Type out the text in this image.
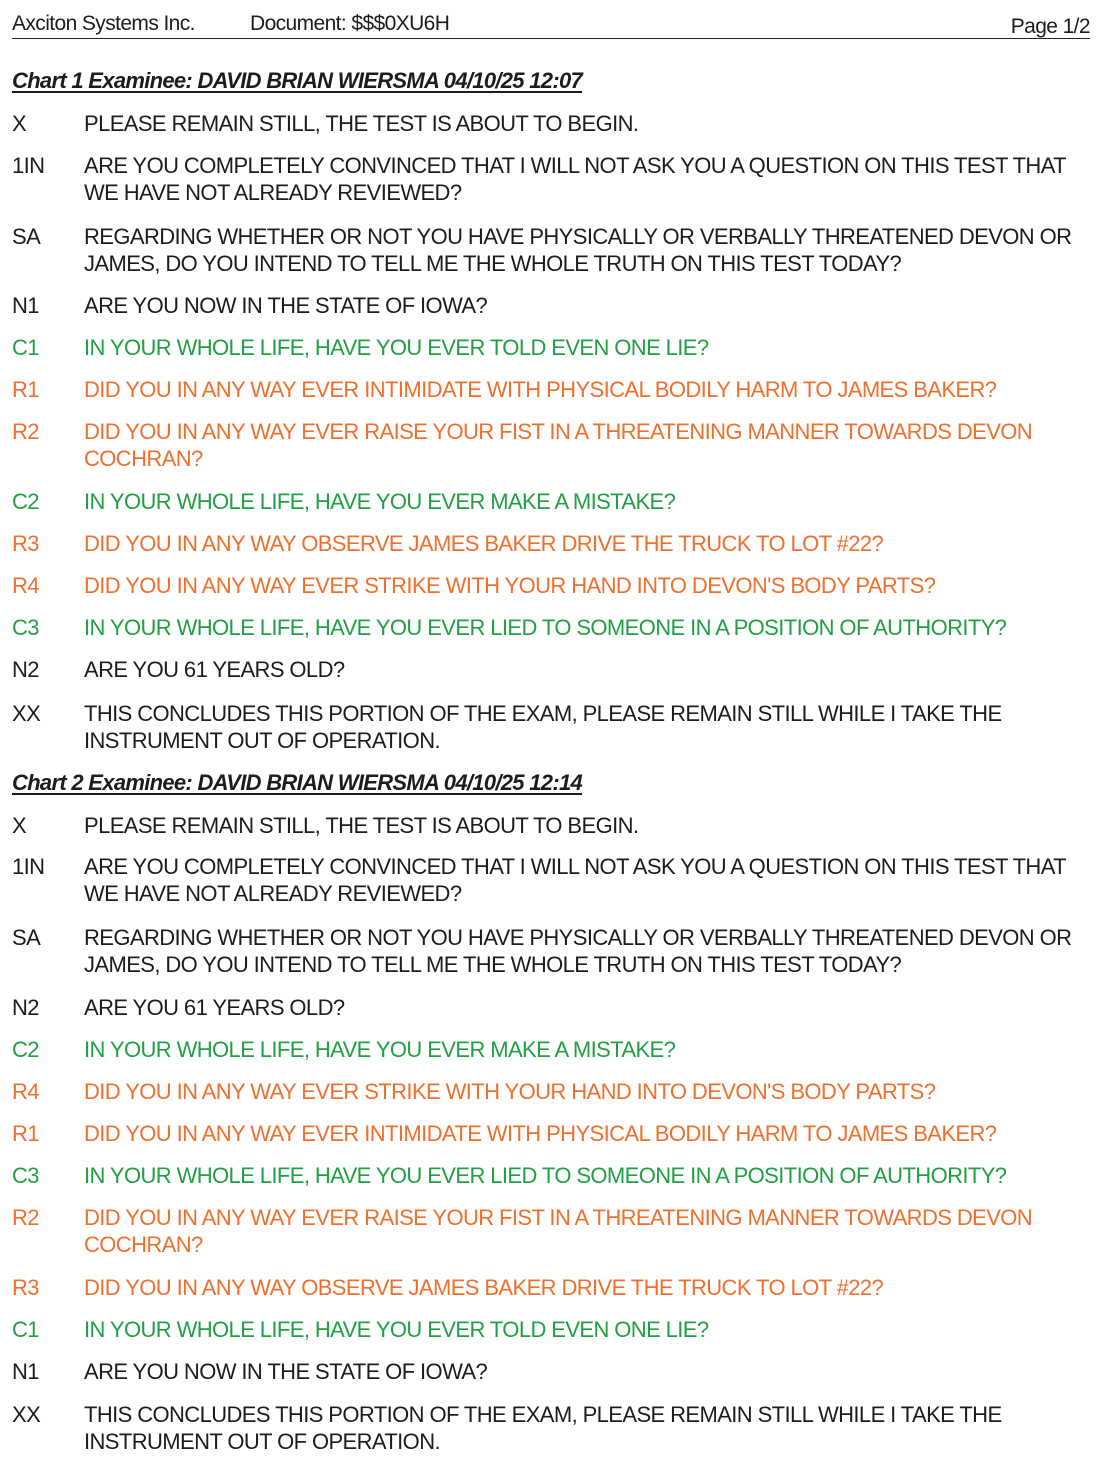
Axciton Systems Inc.	Document: $$$0XU6H	Page 1/2
Chart 1 Examinee: DAVID BRIAN WIERSMA 04/10/25 12:07
X	PLEASE REMAIN STILL, THE TEST IS ABOUT TO BEGIN.
1IN	ARE YOU COMPLETELY CONVINCED THAT I WILL NOT ASK YOU A QUESTION ON THIS TEST THAT WE HAVE NOT ALREADY REVIEWED?
SA	REGARDING WHETHER OR NOT YOU HAVE PHYSICALLY OR VERBALLY THREATENED DEVON OR JAMES, DO YOU INTEND TO TELL ME THE WHOLE TRUTH ON THIS TEST TODAY?
N1	ARE YOU NOW IN THE STATE OF IOWA?
C1	IN YOUR WHOLE LIFE, HAVE YOU EVER TOLD EVEN ONE LIE?
R1	DID YOU IN ANY WAY EVER INTIMIDATE WITH PHYSICAL BODILY HARM TO JAMES BAKER?
R2	DID YOU IN ANY WAY EVER RAISE YOUR FIST IN A THREATENING MANNER TOWARDS DEVON COCHRAN?
C2	IN YOUR WHOLE LIFE, HAVE YOU EVER MAKE A MISTAKE?
R3	DID YOU IN ANY WAY OBSERVE JAMES BAKER DRIVE THE TRUCK TO LOT #22?
R4	DID YOU IN ANY WAY EVER STRIKE WITH YOUR HAND INTO DEVON'S BODY PARTS?
C3	IN YOUR WHOLE LIFE, HAVE YOU EVER LIED TO SOMEONE IN A POSITION OF AUTHORITY?
N2	ARE YOU 61 YEARS OLD?
XX	THIS CONCLUDES THIS PORTION OF THE EXAM, PLEASE REMAIN STILL WHILE I TAKE THE INSTRUMENT OUT OF OPERATION.
Chart 2 Examinee: DAVID BRIAN WIERSMA 04/10/25 12:14
X	PLEASE REMAIN STILL, THE TEST IS ABOUT TO BEGIN.
1IN	ARE YOU COMPLETELY CONVINCED THAT I WILL NOT ASK YOU A QUESTION ON THIS TEST THAT WE HAVE NOT ALREADY REVIEWED?
SA	REGARDING WHETHER OR NOT YOU HAVE PHYSICALLY OR VERBALLY THREATENED DEVON OR JAMES, DO YOU INTEND TO TELL ME THE WHOLE TRUTH ON THIS TEST TODAY?
N2	ARE YOU 61 YEARS OLD?
C2	IN YOUR WHOLE LIFE, HAVE YOU EVER MAKE A MISTAKE?
R4	DID YOU IN ANY WAY EVER STRIKE WITH YOUR HAND INTO DEVON'S BODY PARTS?
R1	DID YOU IN ANY WAY EVER INTIMIDATE WITH PHYSICAL BODILY HARM TO JAMES BAKER?
C3	IN YOUR WHOLE LIFE, HAVE YOU EVER LIED TO SOMEONE IN A POSITION OF AUTHORITY?
R2	DID YOU IN ANY WAY EVER RAISE YOUR FIST IN A THREATENING MANNER TOWARDS DEVON COCHRAN?
R3	DID YOU IN ANY WAY OBSERVE JAMES BAKER DRIVE THE TRUCK TO LOT #22?
C1	IN YOUR WHOLE LIFE, HAVE YOU EVER TOLD EVEN ONE LIE?
N1	ARE YOU NOW IN THE STATE OF IOWA?
XX	THIS CONCLUDES THIS PORTION OF THE EXAM, PLEASE REMAIN STILL WHILE I TAKE THE INSTRUMENT OUT OF OPERATION.
